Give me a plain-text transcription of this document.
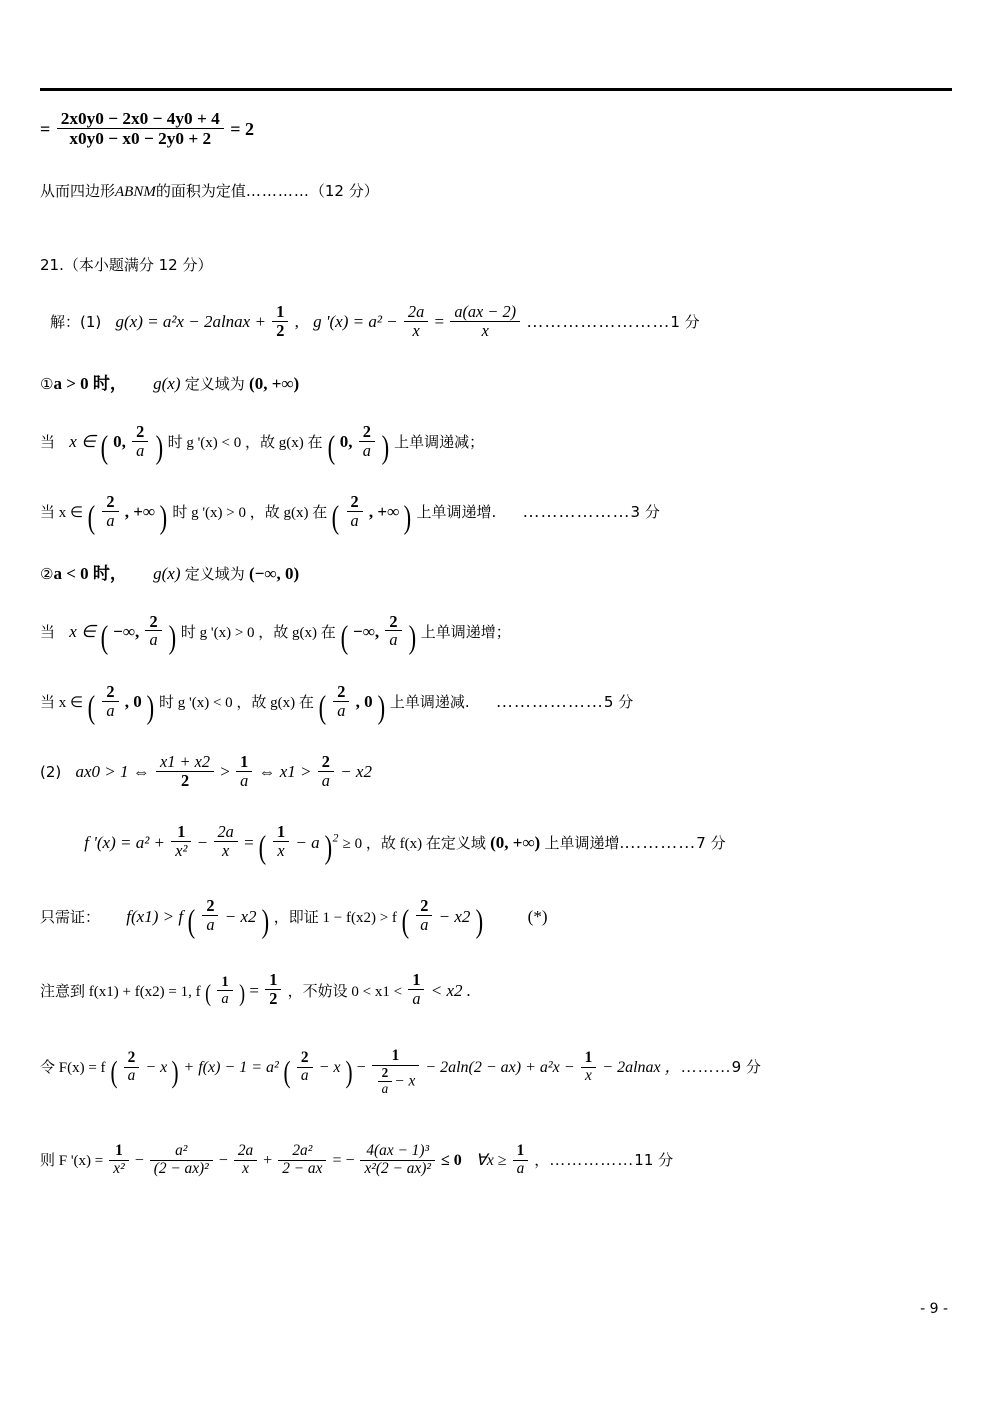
= $\frac{2x0y0 - 2x0 - 4y0 + 4}{x0y0 - x0 - 2y0 + 2} = 2$
从而四边形ABNM的面积为定值…………（12 分）
21.（本小题满分 12 分）
解：(1) g(x) = a²x − 2alnax + $\frac{1}{2}$ , g '$(x) = a^2 - \frac{2a}{x} = \frac{a(ax - 2)}{x}$ ……………………1 分
①a > 0 时， g(x) 定义域为 (0, +∞)
当 x ∈ ( 0, $\frac{2}{a}$ ) 时 g '(x) < 0 ，故 g(x) 在 ( 0, $\frac{2}{a}$ ) 上单调递减；
当 x ∈ ( $\frac{2}{a}$ , +∞ ) 时 g '(x) > 0 ，故 g(x) 在 ( $\frac{2}{a}$ , +∞ ) 上单调递增. ………………3 分
②a < 0 时， g(x) 定义域为 (−∞, 0)
当 x ∈ ( −∞, $\frac{2}{a}$ ) 时 g '(x) > 0 ，故 g(x) 在 ( −∞, $\frac{2}{a}$ ) 上单调递增；
当 x ∈ ( $\frac{2}{a}$ , 0 ) 时 g '(x) < 0 ，故 g(x) 在 ( $\frac{2}{a}$ , 0 ) 上单调递减. ………………5 分
(2) ax0 > 1 ⇔ $\frac{x1 + x2}{2} > \frac{1}{a}$ ⇔ $x1 > \frac{2}{a} - x2$
f '$(x) = a^2 + \frac{1}{\text{x²}} - \frac{2a}{x}$ = ( $\frac{1}{x} - a$ )$^2$ ≥ 0 ，故 f(x) 在定义域 (0, +∞) 上单调递增.…………7 分
只需证： f(x1) > f ( $\frac{2}{a} - x2$ ) ，即证 1 − f(x2) > f ( $\frac{2}{a} - x2$ )	(*)
注意到 f(x1) + f(x2) = 1, f ( $\frac{1}{a}$ ) = $\frac{1}{2}$ ，不妨设 $0 < x1 < \frac{1}{a} < x2$ .
令 F(x) = f ( $\frac{2}{a} - x$ ) + f(x) − 1 = a² ( $\frac{2}{a} - x$ ) − $\frac{1}{\frac{2}{a} - x} - 2aln(2 - ax) + a^2x - \frac{1}{x}$ − 2alnax ，………9 分
则 F '$(x) = \frac{1}{\text{x²}} - \frac{\text{a²}}{\text{(2 − ax)²}} - \frac{2a}{x} + \frac{\text{2a²}}{2 - ax}$ = − $\frac{\text{4(ax − 1)³}}{\text{x²(2 − ax)²}} \le 0$ ∀x ≥ $\frac{1}{a}$ ，……………11 分
- 9 -
